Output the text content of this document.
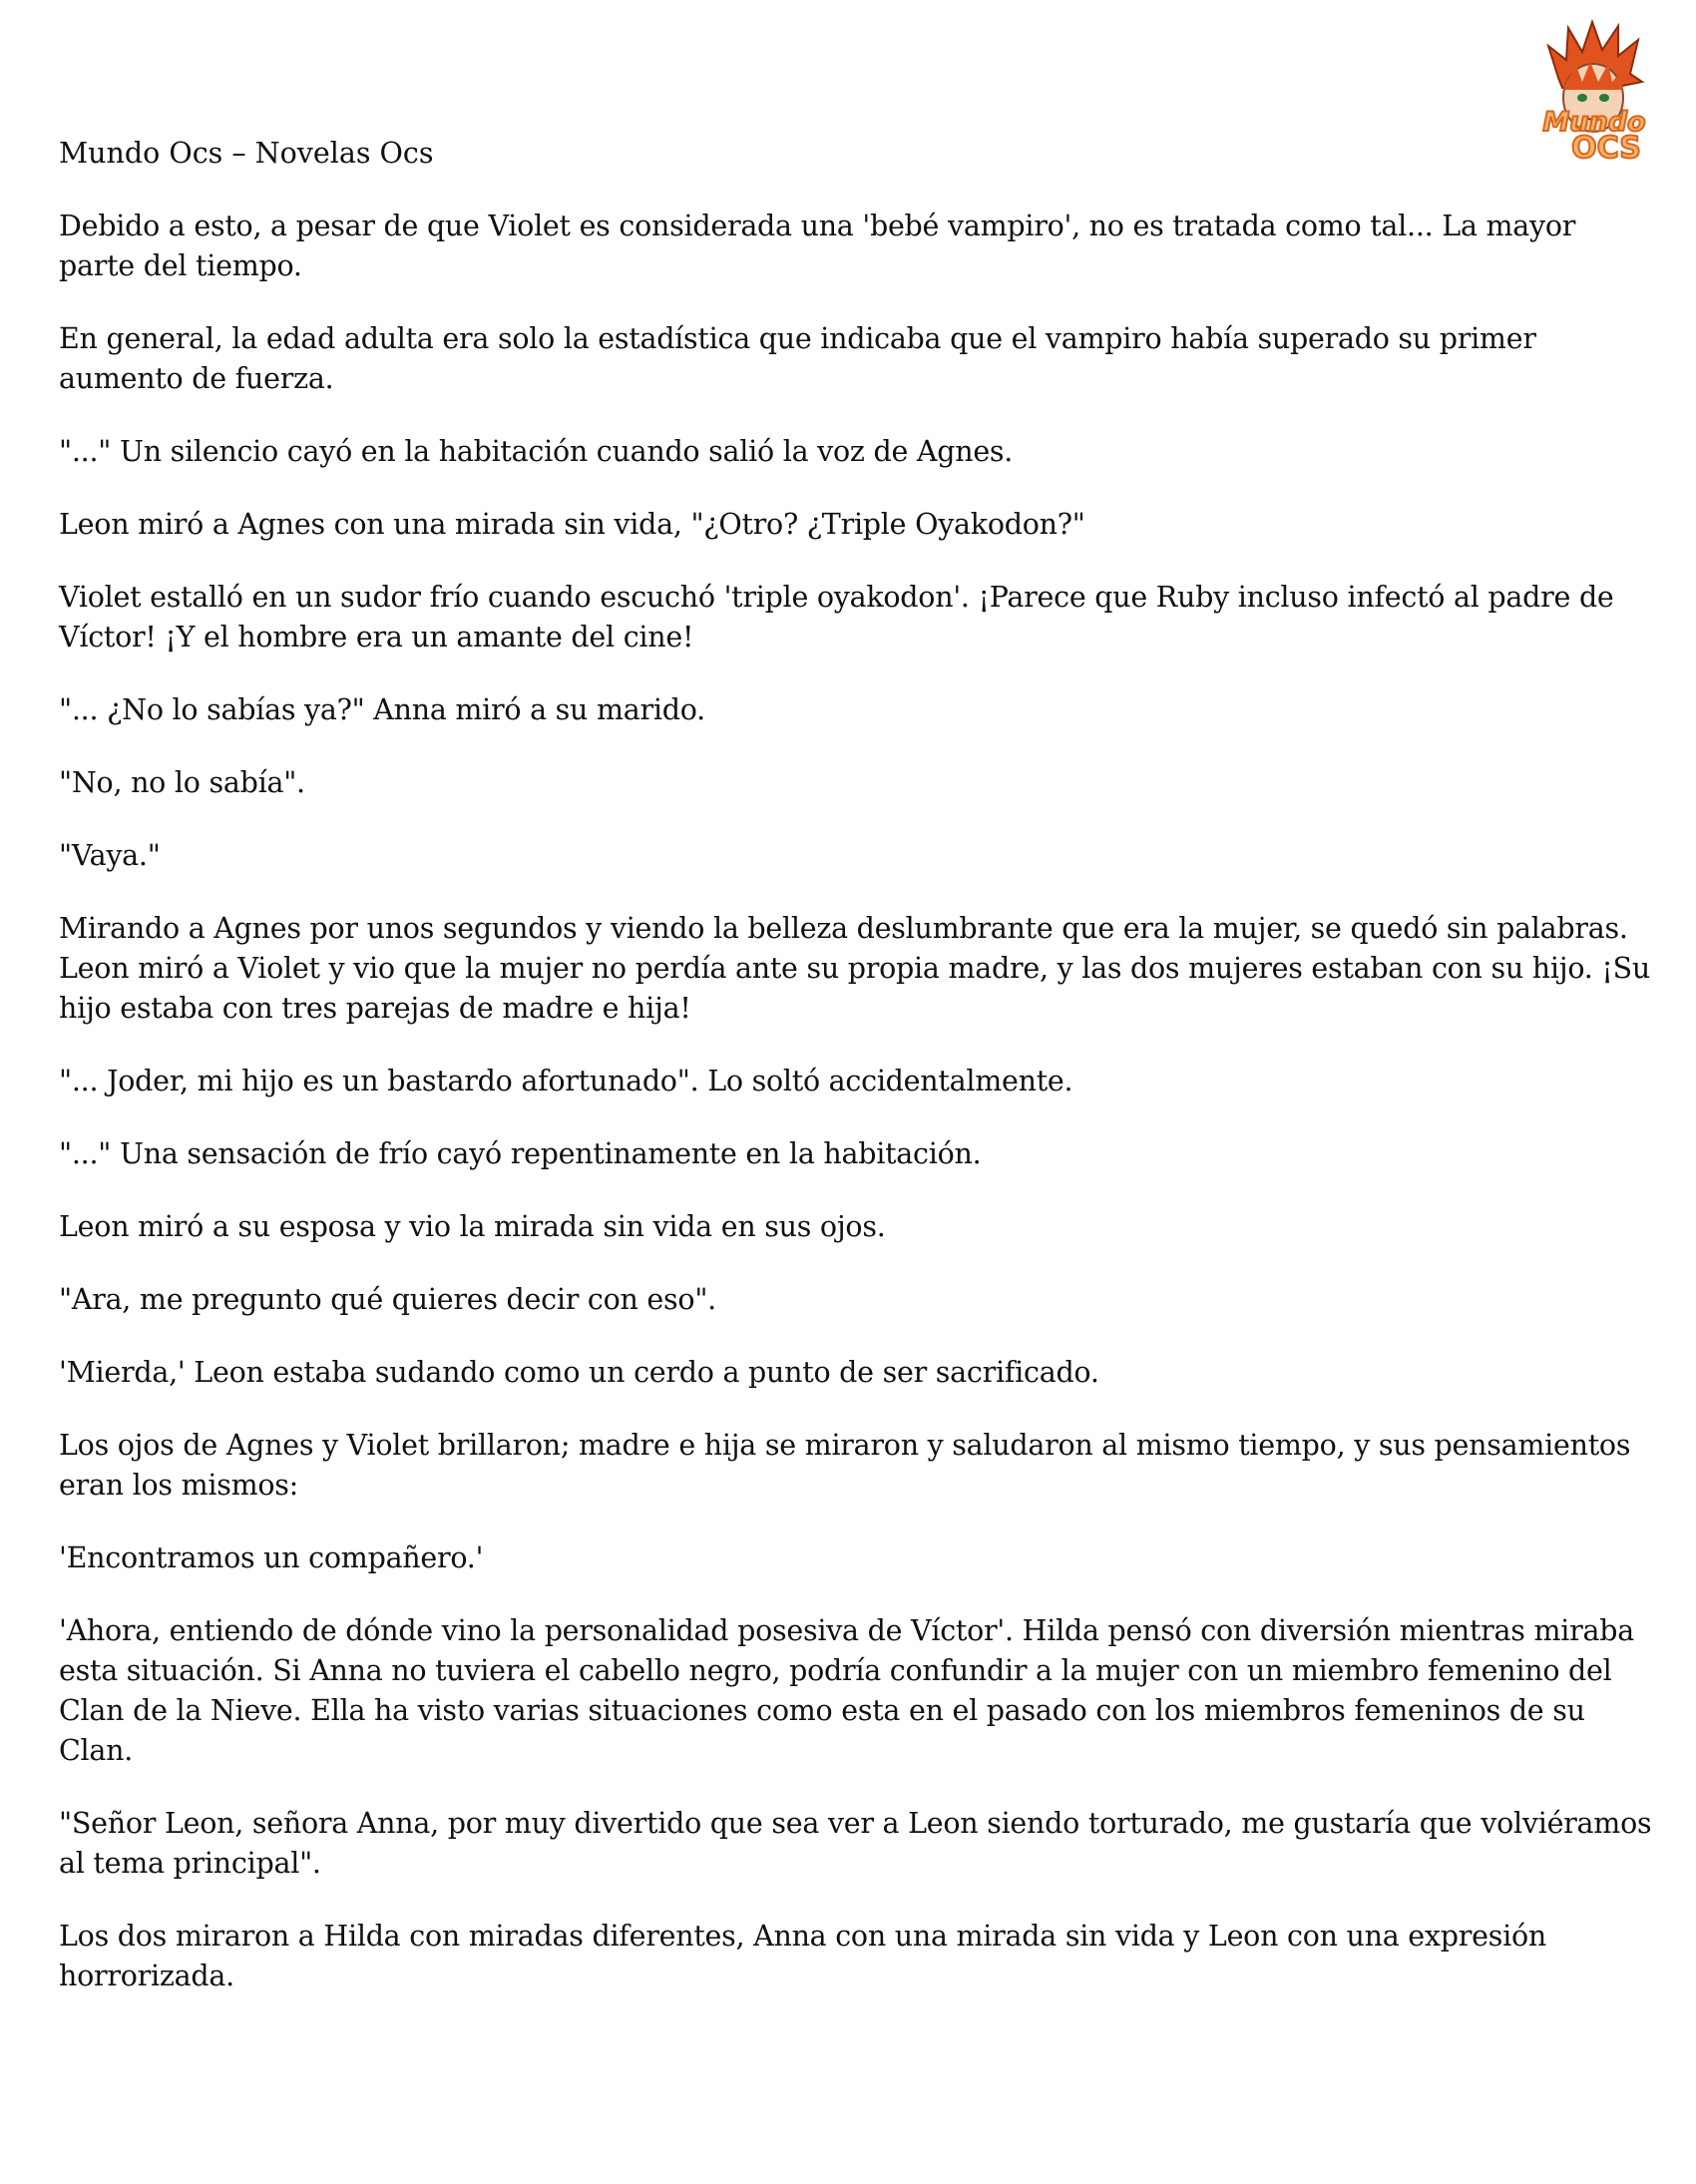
Mundo
OCS

Mundo Ocs – Novelas Ocs

Debido a esto, a pesar de que Violet es considerada una 'bebé vampiro', no es tratada como tal... La mayor parte del tiempo.

En general, la edad adulta era solo la estadística que indicaba que el vampiro había superado su primer aumento de fuerza.

"..." Un silencio cayó en la habitación cuando salió la voz de Agnes.

Leon miró a Agnes con una mirada sin vida, "¿Otro? ¿Triple Oyakodon?"

Violet estalló en un sudor frío cuando escuchó 'triple oyakodon'. ¡Parece que Ruby incluso infectó al padre de Víctor! ¡Y el hombre era un amante del cine!

"... ¿No lo sabías ya?" Anna miró a su marido.

"No, no lo sabía".

"Vaya."

Mirando a Agnes por unos segundos y viendo la belleza deslumbrante que era la mujer, se quedó sin palabras. Leon miró a Violet y vio que la mujer no perdía ante su propia madre, y las dos mujeres estaban con su hijo. ¡Su hijo estaba con tres parejas de madre e hija!

"... Joder, mi hijo es un bastardo afortunado". Lo soltó accidentalmente.

"..." Una sensación de frío cayó repentinamente en la habitación.

Leon miró a su esposa y vio la mirada sin vida en sus ojos.

"Ara, me pregunto qué quieres decir con eso".

'Mierda,' Leon estaba sudando como un cerdo a punto de ser sacrificado.

Los ojos de Agnes y Violet brillaron; madre e hija se miraron y saludaron al mismo tiempo, y sus pensamientos eran los mismos:

'Encontramos un compañero.'

'Ahora, entiendo de dónde vino la personalidad posesiva de Víctor'. Hilda pensó con diversión mientras miraba esta situación. Si Anna no tuviera el cabello negro, podría confundir a la mujer con un miembro femenino del Clan de la Nieve. Ella ha visto varias situaciones como esta en el pasado con los miembros femeninos de su Clan.

"Señor Leon, señora Anna, por muy divertido que sea ver a Leon siendo torturado, me gustaría que volviéramos al tema principal".

Los dos miraron a Hilda con miradas diferentes, Anna con una mirada sin vida y Leon con una expresión horrorizada.
